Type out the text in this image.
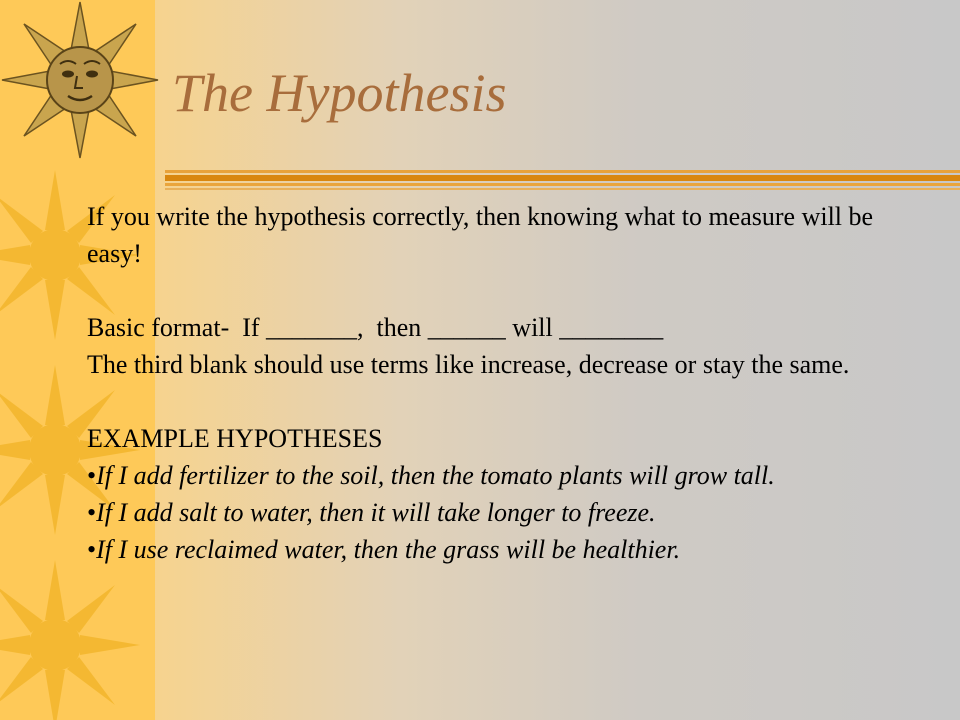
The Hypothesis

If you write the hypothesis correctly, then knowing what to measure will be easy!

Basic format-  If _______,  then ______ will ________

The third blank should use terms like increase, decrease or stay the same.

EXAMPLE HYPOTHESES

•If I add fertilizer to the soil, then the tomato plants will grow tall.

•If I add salt to water, then it will take longer to freeze.

•If I use reclaimed water, then the grass will be healthier.
